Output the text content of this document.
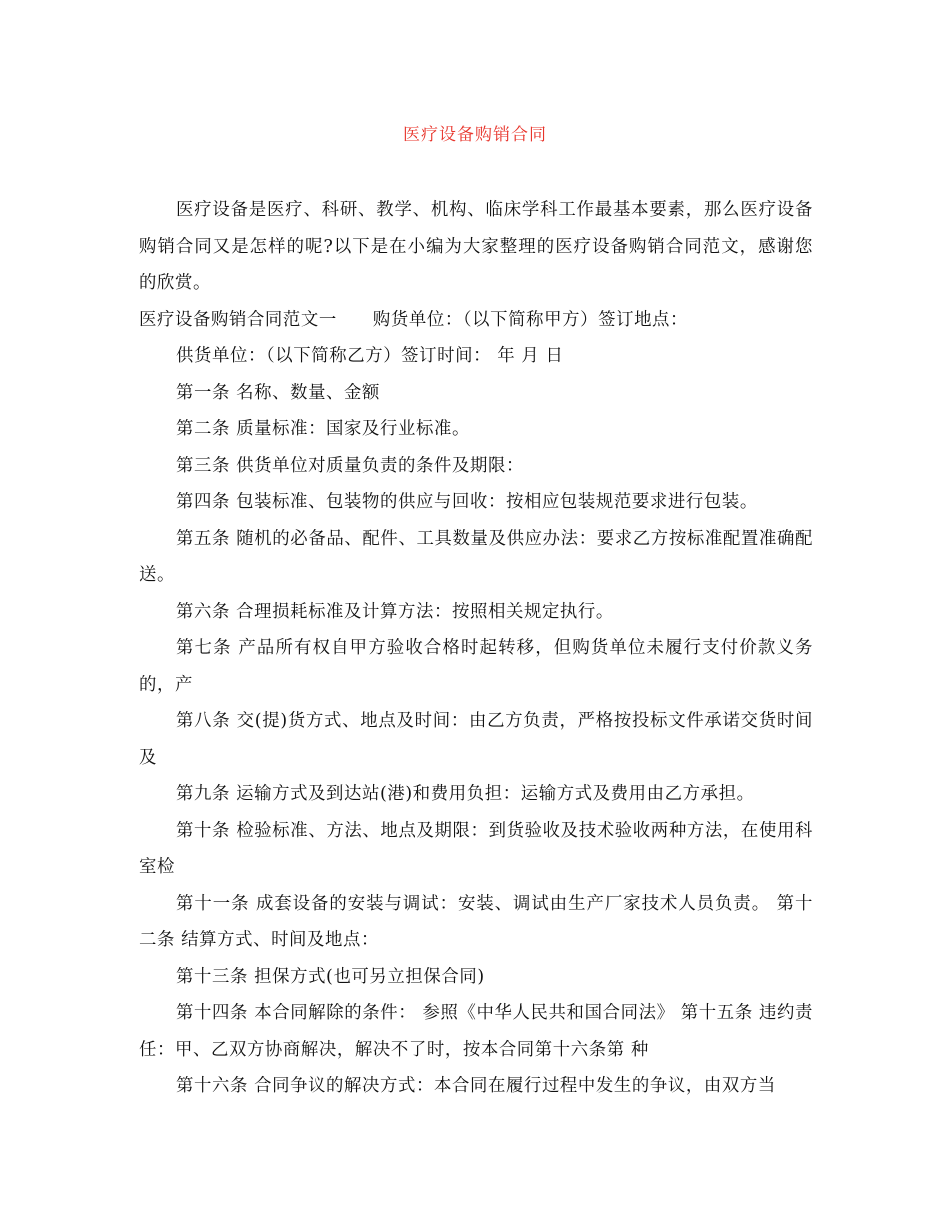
医疗设备购销合同

医疗设备是医疗、科研、教学、机构、临床学科工作最基本要素，那么医疗设备购销合同又是怎样的呢?以下是在小编为大家整理的医疗设备购销合同范文，感谢您的欣赏。

医疗设备购销合同范文一 购货单位：（以下简称甲方）签订地点：

供货单位：（以下简称乙方）签订时间： 年 月 日

第一条 名称、数量、金额

第二条 质量标准：国家及行业标准。

第三条 供货单位对质量负责的条件及期限：

第四条 包装标准、包装物的供应与回收：按相应包装规范要求进行包装。

第五条 随机的必备品、配件、工具数量及供应办法：要求乙方按标准配置准确配送。

第六条 合理损耗标准及计算方法：按照相关规定执行。

第七条 产品所有权自甲方验收合格时起转移，但购货单位未履行支付价款义务的，产

第八条 交(提)货方式、地点及时间：由乙方负责，严格按投标文件承诺交货时间及

第九条 运输方式及到达站(港)和费用负担：运输方式及费用由乙方承担。

第十条 检验标准、方法、地点及期限：到货验收及技术验收两种方法，在使用科室检

第十一条 成套设备的安装与调试：安装、调试由生产厂家技术人员负责。 第十二条 结算方式、时间及地点：

第十三条 担保方式(也可另立担保合同)

第十四条 本合同解除的条件： 参照《中华人民共和国合同法》 第十五条 违约责任：甲、乙双方协商解决，解决不了时，按本合同第十六条第 种

第十六条 合同争议的解决方式：本合同在履行过程中发生的争议，由双方当
